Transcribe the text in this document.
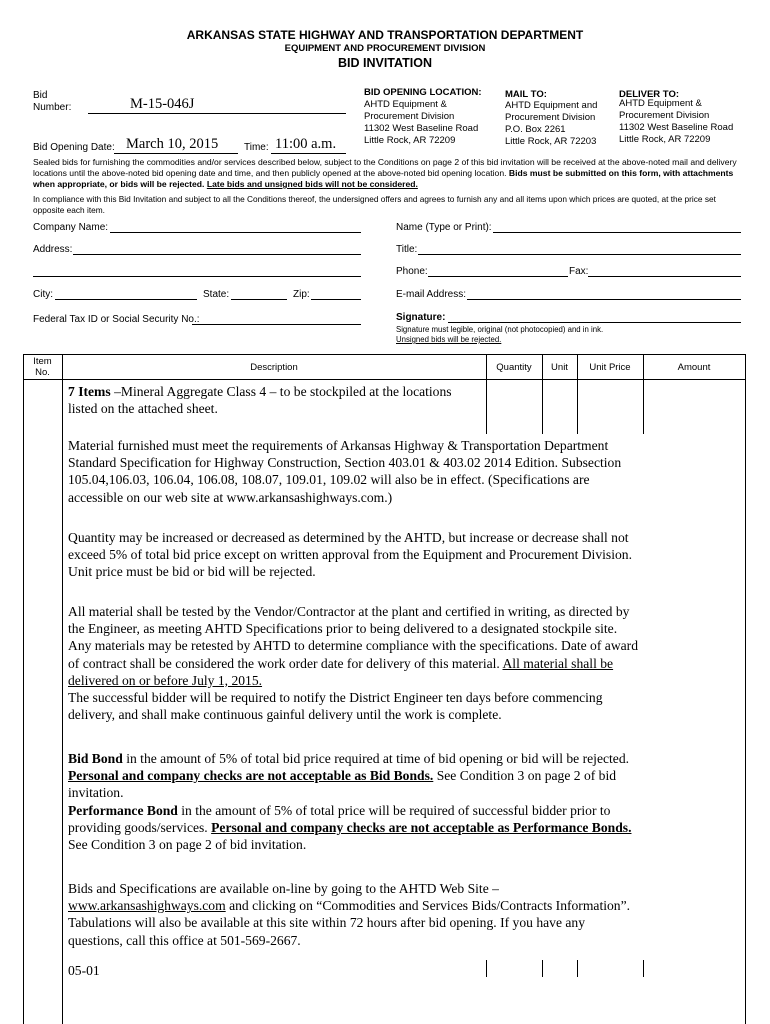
ARKANSAS STATE HIGHWAY AND TRANSPORTATION DEPARTMENT
EQUIPMENT AND PROCUREMENT DIVISION
BID INVITATION
Bid
Number:	M-15-046J
Bid Opening Date: March 10, 2015	Time: 11:00 a.m.
BID OPENING LOCATION:
AHTD Equipment &
Procurement Division
11302 West Baseline Road
Little Rock, AR 72209
MAIL TO:
AHTD Equipment and
Procurement Division
P.O. Box 2261
Little Rock, AR 72203
DELIVER TO:
AHTD Equipment &
Procurement Division
11302 West Baseline Road
Little Rock, AR 72209
Sealed bids for furnishing the commodities and/or services described below, subject to the Conditions on page 2 of this bid invitation will be received at the above-noted mail and delivery locations until the above-noted bid opening date and time, and then publicly opened at the above-noted bid opening location. Bids must be submitted on this form, with attachments when appropriate, or bids will be rejected. Late bids and unsigned bids will not be considered.
In compliance with this Bid Invitation and subject to all the Conditions thereof, the undersigned offers and agrees to furnish any and all items upon which prices are quoted, at the price set opposite each item.
Company Name:	Name (Type or Print):
Address:	Title:
Phone:	Fax:
City:	State:	Zip:	E-mail Address:
Federal Tax ID or Social Security No.:	Signature:
Signature must legible, original (not photocopied) and in ink.
Unsigned bids will be rejected.
Item
No.	Description	Quantity	Unit	Unit Price	Amount
7 Items –Mineral Aggregate Class 4 – to be stockpiled at the locations listed on the attached sheet.
Material furnished must meet the requirements of Arkansas Highway & Transportation Department Standard Specification for Highway Construction, Section 403.01 & 403.02 2014 Edition. Subsection 105.04,106.03, 106.04, 106.08, 108.07, 109.01, 109.02 will also be in effect. (Specifications are accessible on our web site at www.arkansashighways.com.)
Quantity may be increased or decreased as determined by the AHTD, but increase or decrease shall not exceed 5% of total bid price except on written approval from the Equipment and Procurement Division. Unit price must be bid or bid will be rejected.
All material shall be tested by the Vendor/Contractor at the plant and certified in writing, as directed by the Engineer, as meeting AHTD Specifications prior to being delivered to a designated stockpile site. Any materials may be retested by AHTD to determine compliance with the specifications. Date of award of contract shall be considered the work order date for delivery of this material. All material shall be delivered on or before July 1, 2015.
The successful bidder will be required to notify the District Engineer ten days before commencing delivery, and shall make continuous gainful delivery until the work is complete.

Bid Bond in the amount of 5% of total bid price required at time of bid opening or bid will be rejected. Personal and company checks are not acceptable as Bid Bonds. See Condition 3 on page 2 of bid invitation.

Performance Bond in the amount of 5% of total price will be required of successful bidder prior to providing goods/services. Personal and company checks are not acceptable as Performance Bonds. See Condition 3 on page 2 of bid invitation.

Bids and Specifications are available on-line by going to the AHTD Web Site – www.arkansashighways.com and clicking on “Commodities and Services Bids/Contracts Information”. Tabulations will also be available at this site within 72 hours after bid opening. If you have any questions, call this office at 501-569-2667.
05-01
